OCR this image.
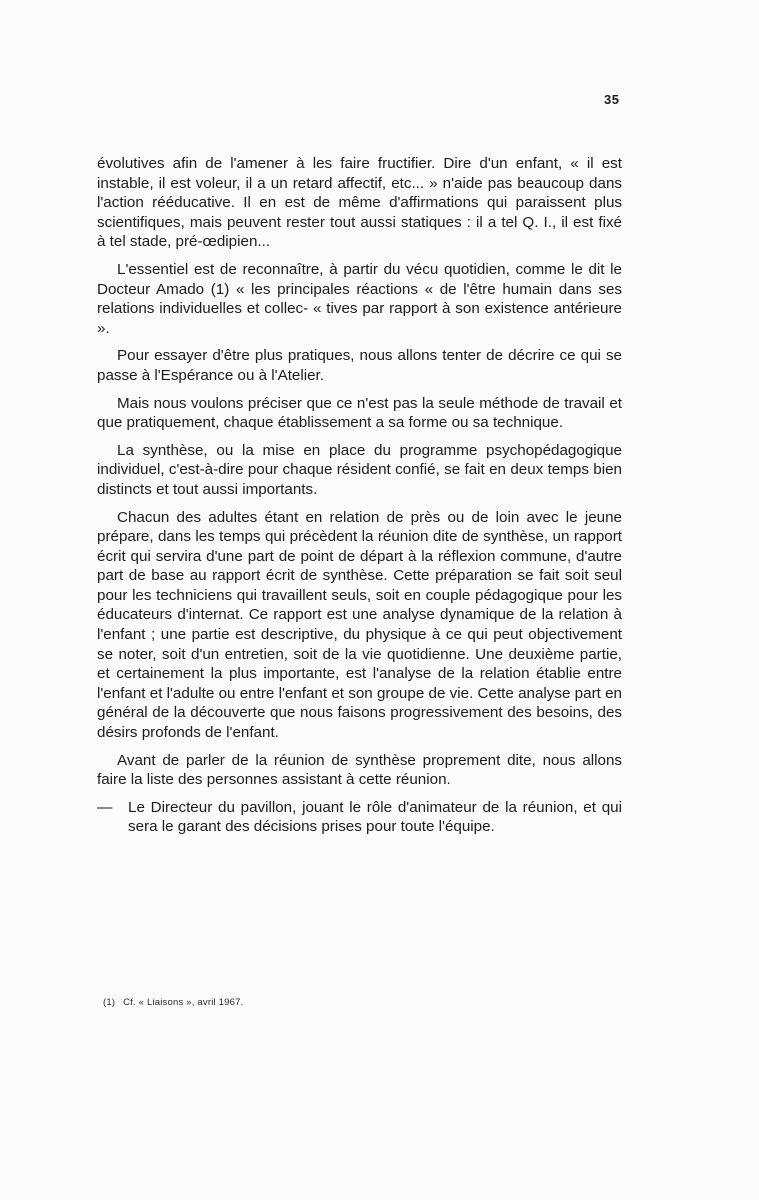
35

évolutives afin de l'amener à les faire fructifier. Dire d'un enfant, « il est instable, il est voleur, il a un retard affectif, etc... » n'aide pas beaucoup dans l'action rééducative. Il en est de même d'affirmations qui paraissent plus scientifiques, mais peuvent rester tout aussi statiques : il a tel Q. I., il est fixé à tel stade, pré-œdipien...

L'essentiel est de reconnaître, à partir du vécu quotidien, comme le dit le Docteur Amado (1) « les principales réactions « de l'être humain dans ses relations individuelles et collec- « tives par rapport à son existence antérieure ».

Pour essayer d'être plus pratiques, nous allons tenter de décrire ce qui se passe à l'Espérance ou à l'Atelier.

Mais nous voulons préciser que ce n'est pas la seule méthode de travail et que pratiquement, chaque établissement a sa forme ou sa technique.

La synthèse, ou la mise en place du programme psychopédagogique individuel, c'est-à-dire pour chaque résident confié, se fait en deux temps bien distincts et tout aussi importants.

Chacun des adultes étant en relation de près ou de loin avec le jeune prépare, dans les temps qui précèdent la réunion dite de synthèse, un rapport écrit qui servira d'une part de point de départ à la réflexion commune, d'autre part de base au rapport écrit de synthèse. Cette préparation se fait soit seul pour les techniciens qui travaillent seuls, soit en couple pédagogique pour les éducateurs d'internat. Ce rapport est une analyse dynamique de la relation à l'enfant ; une partie est descriptive, du physique à ce qui peut objectivement se noter, soit d'un entretien, soit de la vie quotidienne. Une deuxième partie, et certainement la plus importante, est l'analyse de la relation établie entre l'enfant et l'adulte ou entre l'enfant et son groupe de vie. Cette analyse part en général de la découverte que nous faisons progressivement des besoins, des désirs profonds de l'enfant.

Avant de parler de la réunion de synthèse proprement dite, nous allons faire la liste des personnes assistant à cette réunion.

— Le Directeur du pavillon, jouant le rôle d'animateur de la réunion, et qui sera le garant des décisions prises pour toute l'équipe.

(1) Cf. « Liaisons », avril 1967.
